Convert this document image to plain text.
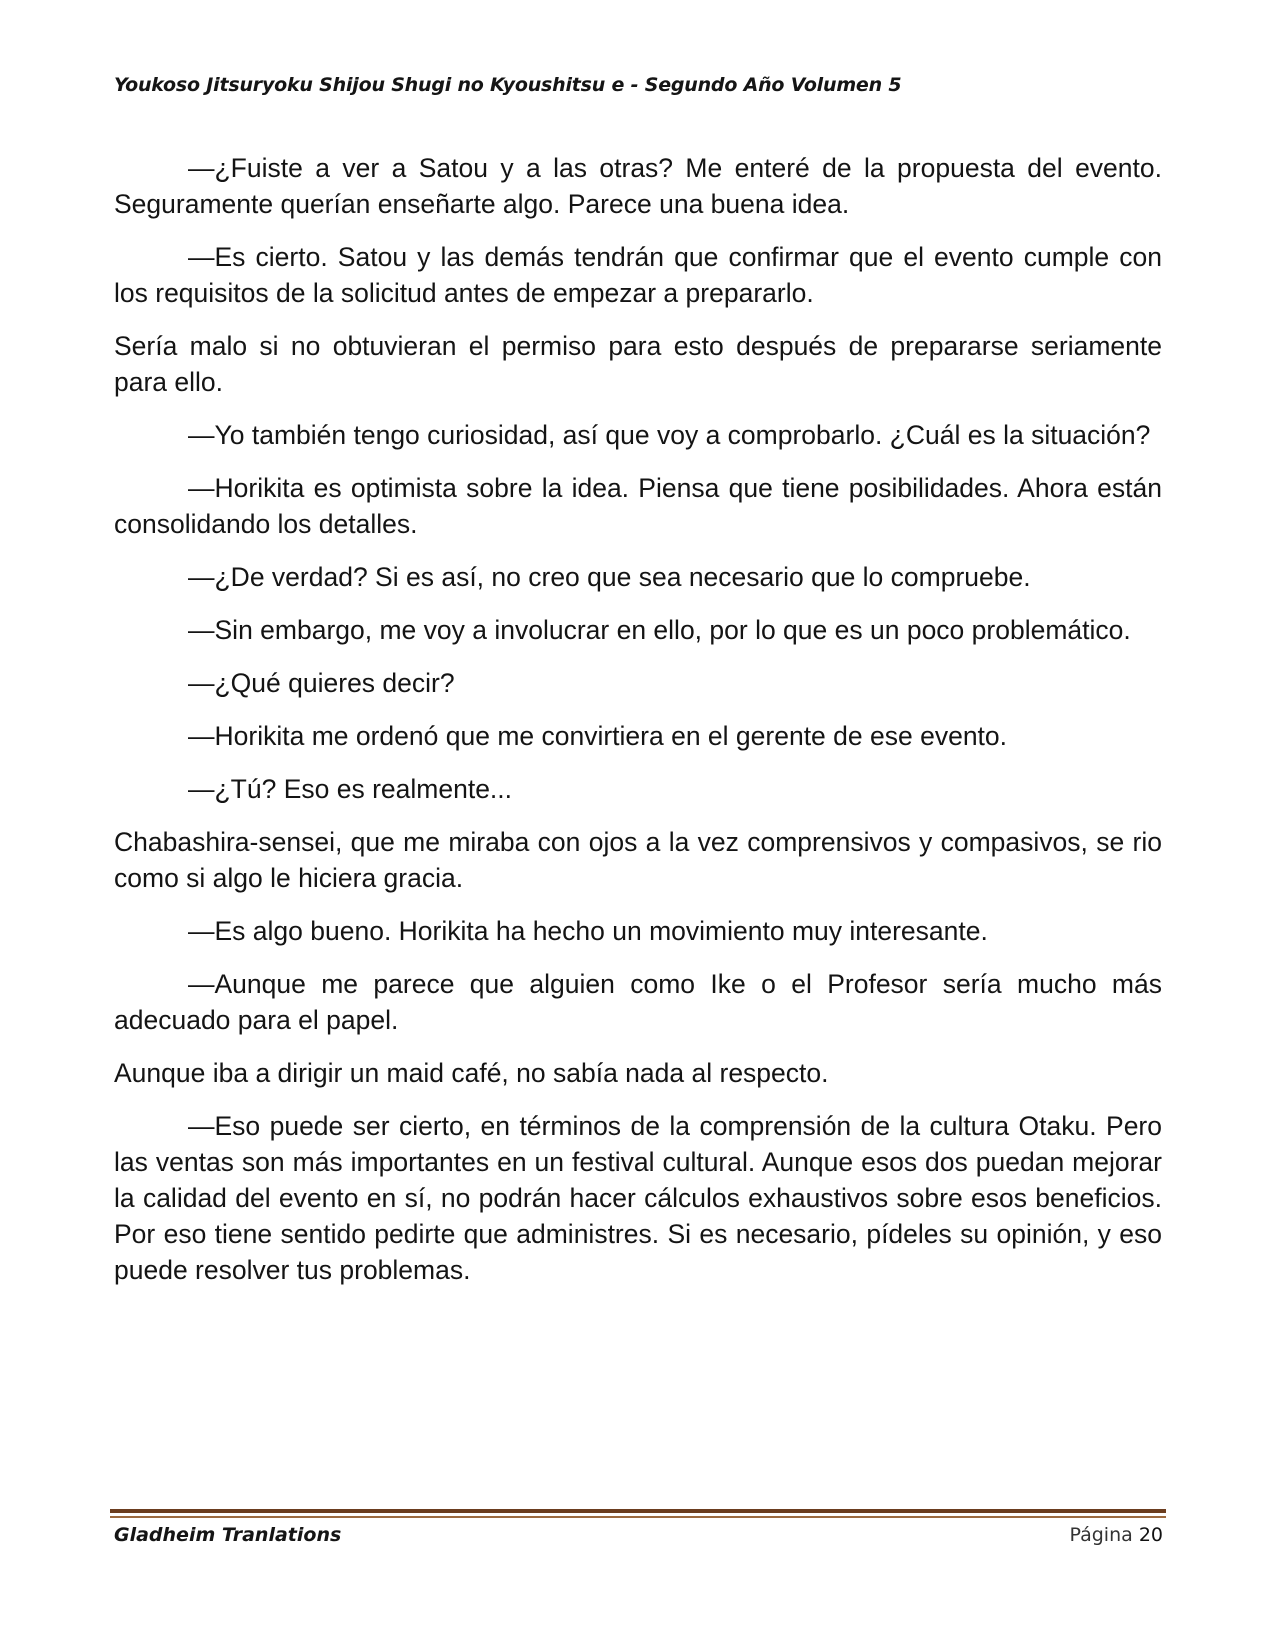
Youkoso Jitsuryoku Shijou Shugi no Kyoushitsu e - Segundo Año Volumen 5

—¿Fuiste a ver a Satou y a las otras? Me enteré de la propuesta del evento. Seguramente querían enseñarte algo. Parece una buena idea.

—Es cierto. Satou y las demás tendrán que confirmar que el evento cumple con los requisitos de la solicitud antes de empezar a prepararlo.

Sería malo si no obtuvieran el permiso para esto después de prepararse seriamente para ello.

—Yo también tengo curiosidad, así que voy a comprobarlo. ¿Cuál es la situación?

—Horikita es optimista sobre la idea. Piensa que tiene posibilidades. Ahora están consolidando los detalles.

—¿De verdad? Si es así, no creo que sea necesario que lo compruebe.

—Sin embargo, me voy a involucrar en ello, por lo que es un poco problemático.

—¿Qué quieres decir?

—Horikita me ordenó que me convirtiera en el gerente de ese evento.

—¿Tú? Eso es realmente...

Chabashira-sensei, que me miraba con ojos a la vez comprensivos y compasivos, se rio como si algo le hiciera gracia.

—Es algo bueno. Horikita ha hecho un movimiento muy interesante.

—Aunque me parece que alguien como Ike o el Profesor sería mucho más adecuado para el papel.

Aunque iba a dirigir un maid café, no sabía nada al respecto.

—Eso puede ser cierto, en términos de la comprensión de la cultura Otaku. Pero las ventas son más importantes en un festival cultural. Aunque esos dos puedan mejorar la calidad del evento en sí, no podrán hacer cálculos exhaustivos sobre esos beneficios. Por eso tiene sentido pedirte que administres. Si es necesario, pídeles su opinión, y eso puede resolver tus problemas.

Gladheim Tranlations	Página 20
